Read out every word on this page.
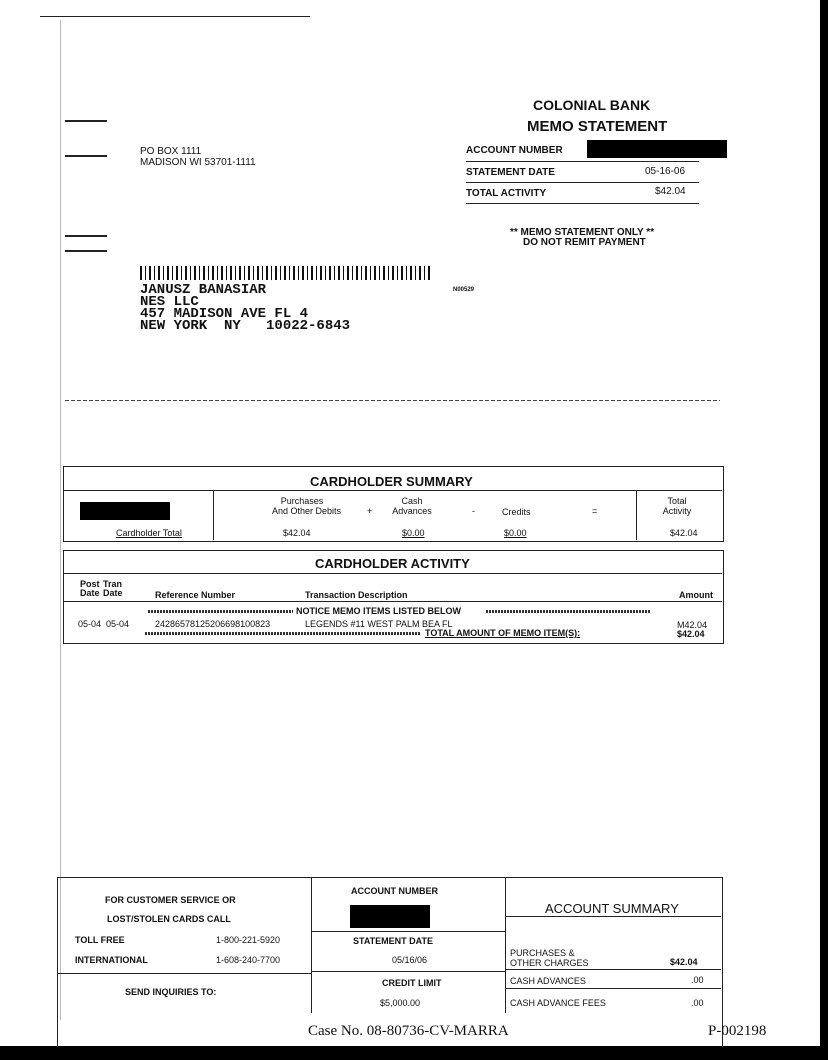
COLONIAL BANK
MEMO STATEMENT
ACCOUNT NUMBER
STATEMENT DATE	05-16-06
TOTAL ACTIVITY	$42.04
PO BOX 1111
MADISON WI 53701-1111
** MEMO STATEMENT ONLY **
DO NOT REMIT PAYMENT
JANUSZ BANASIAR
NES LLC
457 MADISON AVE FL 4
NEW YORK  NY   10022-6843
N00529
CARDHOLDER SUMMARY
Purchases
And Other Debits	+
Cash
Advances	-	Credits	=
Total
Activity
Cardholder Total	$42.04	$0.00	$0.00	$42.04
CARDHOLDER ACTIVITY
Post
Date
Tran
Date	Reference Number	Transaction Description	Amount
NOTICE MEMO ITEMS LISTED BELOW
05-04 05-04	24286578125206698100823	LEGENDS #11 WEST PALM BEA FL	M42.04
TOTAL AMOUNT OF MEMO ITEM(S):	$42.04
FOR CUSTOMER SERVICE OR
LOST/STOLEN CARDS CALL
TOLL FREE	1-800-221-5920
INTERNATIONAL	1-608-240-7700
SEND INQUIRIES TO:
ACCOUNT NUMBER
STATEMENT DATE
05/16/06
CREDIT LIMIT
$5,000.00
ACCOUNT SUMMARY
PURCHASES &
OTHER CHARGES	$42.04
CASH ADVANCES	.00
CASH ADVANCE FEES	.00
Case No. 08-80736-CV-MARRA	P-002198
